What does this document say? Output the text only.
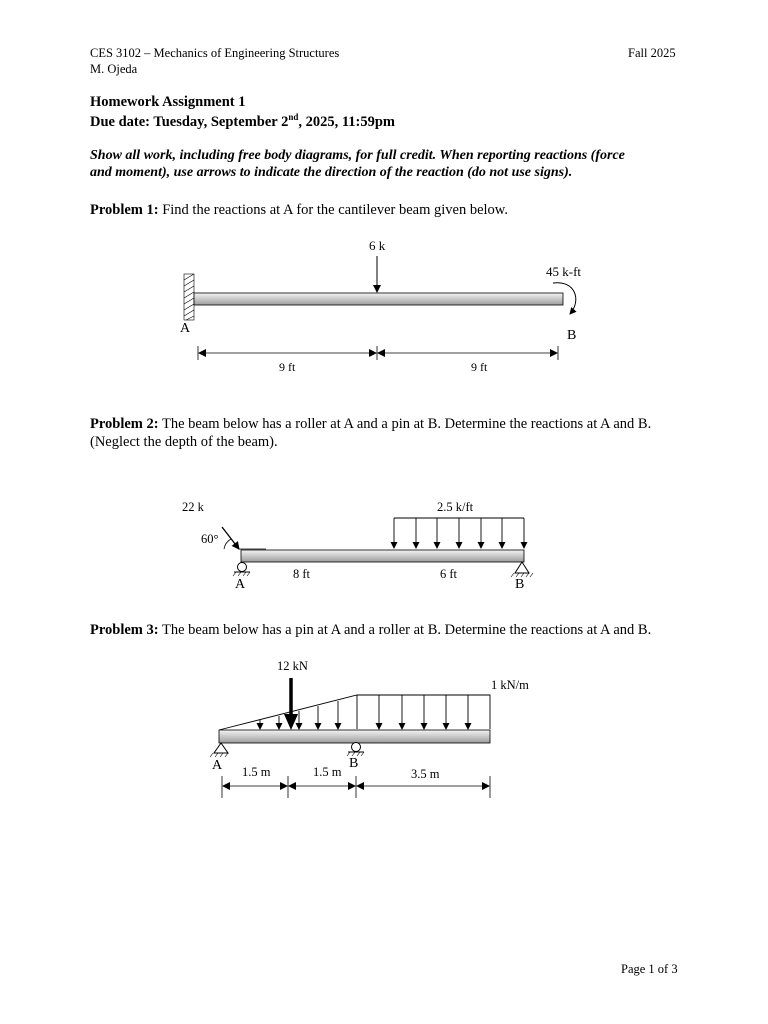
CES 3102 – Mechanics of Engineering Structures
M. Ojeda
Fall 2025
Homework Assignment 1
Due date: Tuesday, September 2nd, 2025, 11:59pm
Show all work, including free body diagrams, for full credit. When reporting reactions (force
and moment), use arrows to indicate the direction of the reaction (do not use signs).
Problem 1: Find the reactions at A for the cantilever beam given below.
6 k
45 k-ft
A	B
9 ft	9 ft
Problem 2: The beam below has a roller at A and a pin at B. Determine the reactions at A and B.
(Neglect the depth of the beam).
22 k
60°
2.5 k/ft
8 ft	6 ft
A	B
Problem 3: The beam below has a pin at A and a roller at B. Determine the reactions at A and B.
12 kN
1 kN/m
A	B
1.5 m	1.5 m	3.5 m
Page 1 of 3
